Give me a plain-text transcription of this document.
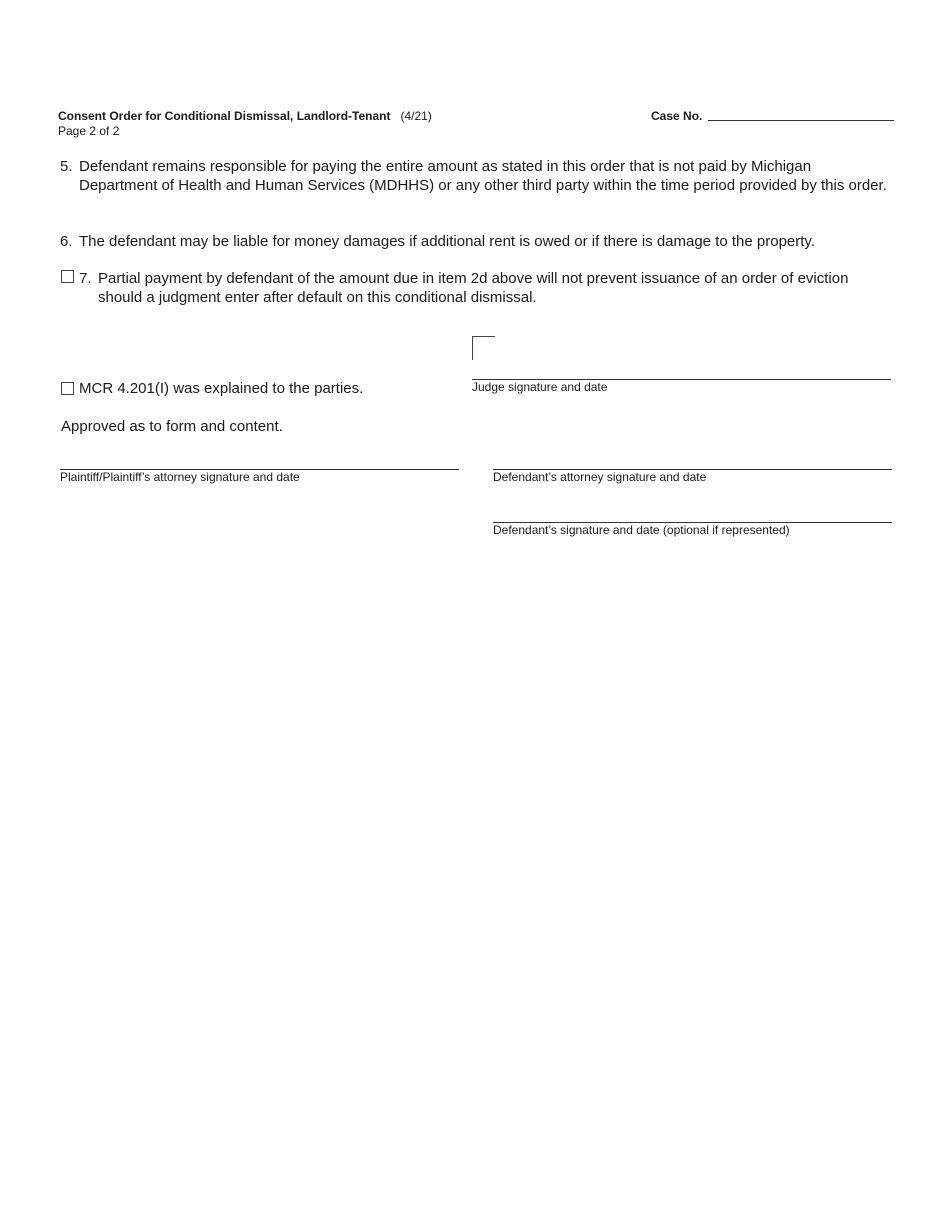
Consent Order for Conditional Dismissal, Landlord-Tenant (4/21)
Page 2 of 2
Case No.
5. Defendant remains responsible for paying the entire amount as stated in this order that is not paid by Michigan Department of Health and Human Services (MDHHS) or any other third party within the time period provided by this order.
6. The defendant may be liable for money damages if additional rent is owed or if there is damage to the property.
7. Partial payment by defendant of the amount due in item 2d above will not prevent issuance of an order of eviction should a judgment enter after default on this conditional dismissal.
Judge signature and date
MCR 4.201(I) was explained to the parties.
Approved as to form and content.
Plaintiff/Plaintiff’s attorney signature and date	Defendant’s attorney signature and date
Defendant’s signature and date (optional if represented)
